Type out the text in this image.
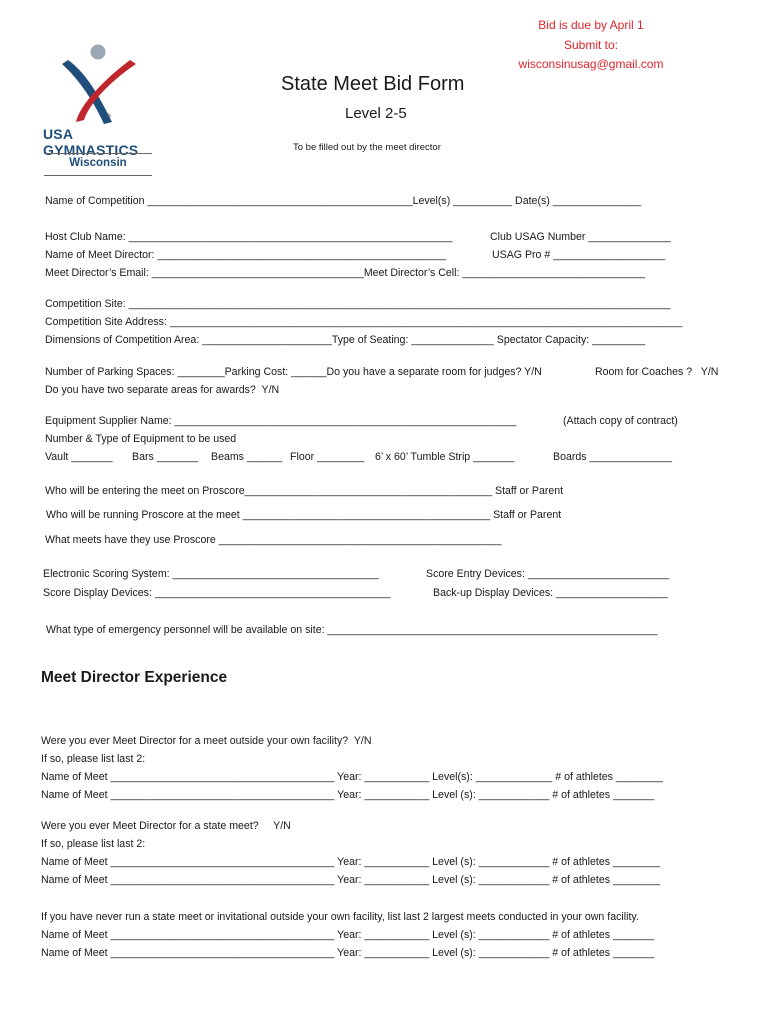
Bid is due by April 1
Submit to:
wisconsinusag@gmail.com
®
USA GYMNASTICS
Wisconsin
State Meet Bid Form
Level 2-5
To be filled out by the meet director
Name of Competition _____________________________________________Level(s) __________ Date(s) _______________
Host Club Name: _______________________________________________________	Club USAG Number ______________
Name of Meet Director: _________________________________________________	USAG Pro # ___________________
Meet Director’s Email: ____________________________________Meet Director’s Cell: _______________________________
Competition Site: ____________________________________________________________________________________________
Competition Site Address: _______________________________________________________________________________________
Dimensions of Competition Area: ______________________Type of Seating: ______________ Spectator Capacity: _________
Number of Parking Spaces: ________Parking Cost: ______Do you have a separate room for judges? Y/N	Room for Coaches ?   Y/N
Do you have two separate areas for awards?  Y/N
Equipment Supplier Name: __________________________________________________________	(Attach copy of contract)
Number & Type of Equipment to be used
Vault _______ Bars _______ Beams ______ Floor ________ 6’ x 60’ Tumble Strip _______	Boards ______________
Who will be entering the meet on Proscore__________________________________________ Staff or Parent
Who will be running Proscore at the meet __________________________________________ Staff or Parent
What meets have they use Proscore ________________________________________________
Electronic Scoring System: ___________________________________	Score Entry Devices: ________________________
Score Display Devices: ________________________________________	Back-up Display Devices: ___________________
What type of emergency personnel will be available on site: ________________________________________________________
Meet Director Experience
Were you ever Meet Director for a meet outside your own facility?  Y/N
If so, please list last 2:
Name of Meet ______________________________________ Year: ___________ Level(s): _____________ # of athletes ________
Name of Meet ______________________________________ Year: ___________ Level (s): ____________ # of athletes _______
Were you ever Meet Director for a state meet?     Y/N
If so, please list last 2:
Name of Meet ______________________________________ Year: ___________ Level (s): ____________ # of athletes ________
Name of Meet ______________________________________ Year: ___________ Level (s): ____________ # of athletes ________
If you have never run a state meet or invitational outside your own facility, list last 2 largest meets conducted in your own facility.
Name of Meet ______________________________________ Year: ___________ Level (s): ____________ # of athletes _______
Name of Meet ______________________________________ Year: ___________ Level (s): ____________ # of athletes _______
